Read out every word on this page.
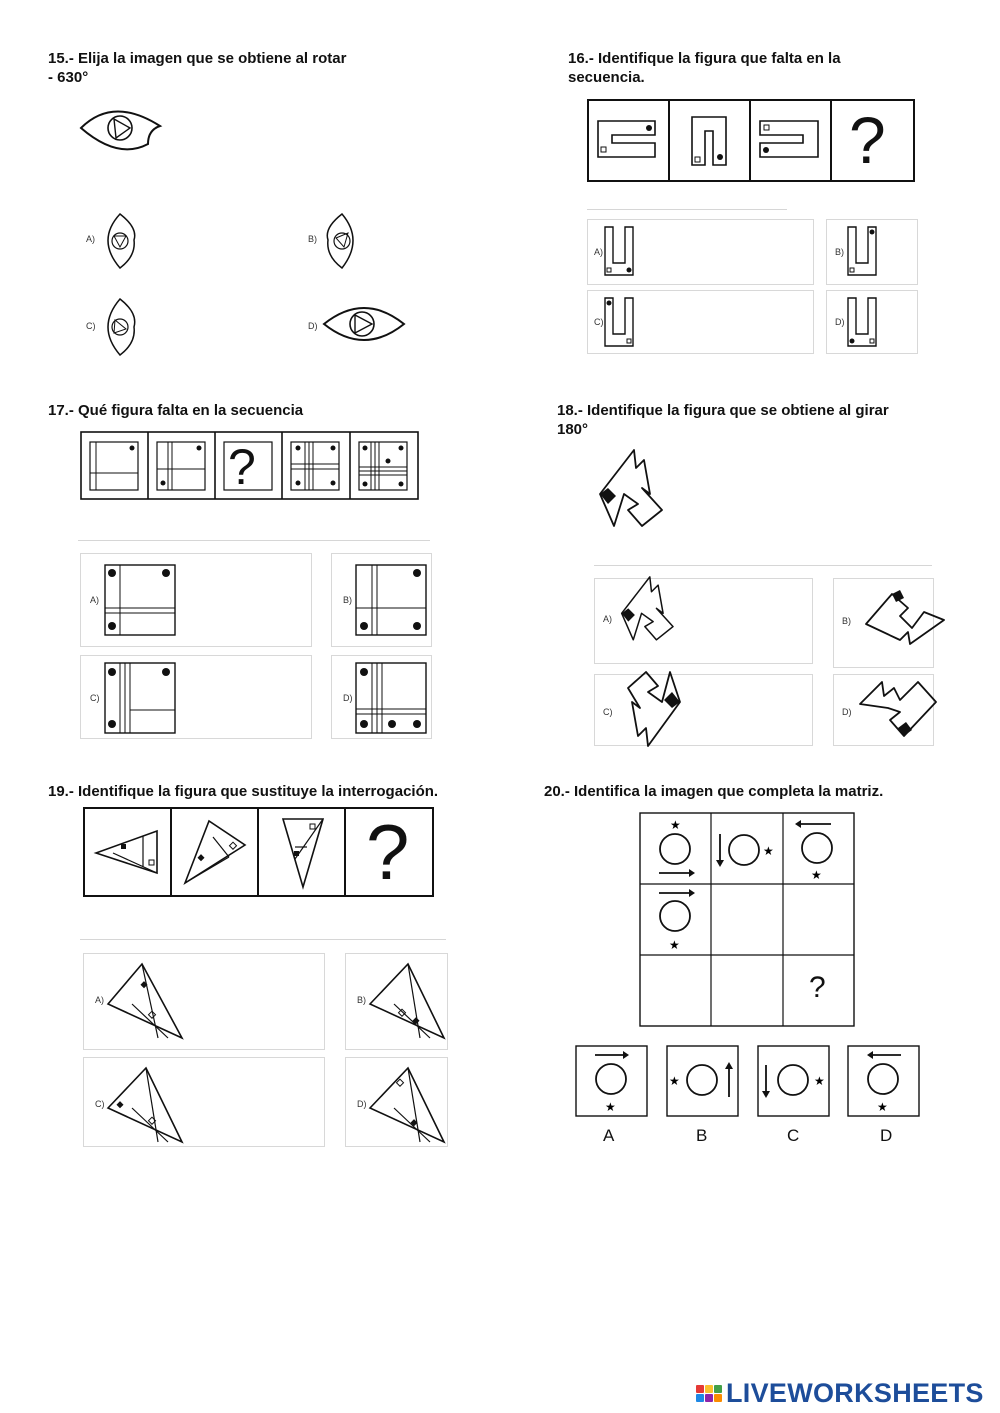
15.- Elija la imagen que se obtiene al rotar
- 630°
A)	B)
C)	D)
16.- Identifique la figura que falta en la
secuencia.
?
A)	B)
C)	D)
17.- Qué figura falta en la secuencia
?
A)	B)
C)	D)
18.- Identifique la figura que se obtiene al girar
180°
A)	B)
C)	D)
19.- Identifique la figura que sustituye la interrogación.
?
A)	B)
C)	D)
20.- Identifica la imagen que completa la matriz.
★
★
★
★
?
★
A
★
B
★
C
★
D
LIVEWORKSHEETS
